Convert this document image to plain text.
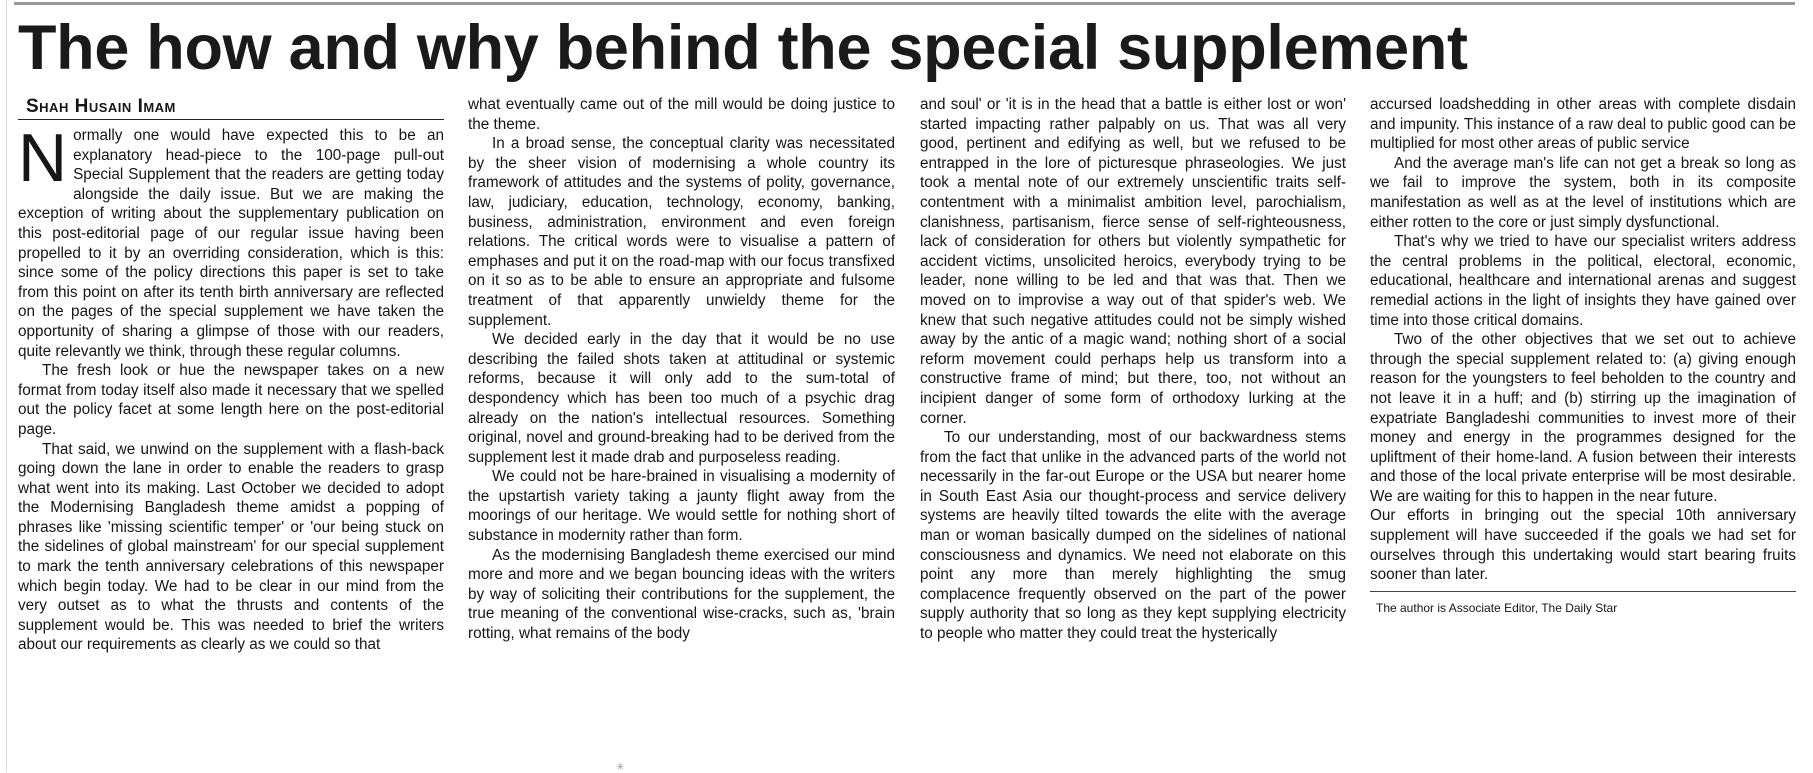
The how and why behind the special supplement
Shah Husain Imam

Normally one would have expected this to be an explanatory head-piece to the 100-page pull-out Special Supplement that the readers are getting today alongside the daily issue. But we are making the exception of writing about the supplementary publication on this post-editorial page of our regular issue having been propelled to it by an overriding consideration, which is this: since some of the policy directions this paper is set to take from this point on after its tenth birth anniversary are reflected on the pages of the special supplement we have taken the opportunity of sharing a glimpse of those with our readers, quite relevantly we think, through these regular columns.

The fresh look or hue the newspaper takes on a new format from today itself also made it necessary that we spelled out the policy facet at some length here on the post-editorial page.

That said, we unwind on the supplement with a flash-back going down the lane in order to enable the readers to grasp what went into its making. Last October we decided to adopt the Modernising Bangladesh theme amidst a popping of phrases like 'missing scientific temper' or 'our being stuck on the sidelines of global mainstream' for our special supplement to mark the tenth anniversary celebrations of this newspaper which begin today. We had to be clear in our mind from the very outset as to what the thrusts and contents of the supplement would be. This was needed to brief the writers about our requirements as clearly as we could so that

what eventually came out of the mill would be doing justice to the theme.

In a broad sense, the conceptual clarity was necessitated by the sheer vision of modernising a whole country its framework of attitudes and the systems of polity, governance, law, judiciary, education, technology, economy, banking, business, administration, environment and even foreign relations. The critical words were to visualise a pattern of emphases and put it on the road-map with our focus transfixed on it so as to be able to ensure an appropriate and fulsome treatment of that apparently unwieldy theme for the supplement.

We decided early in the day that it would be no use describing the failed shots taken at attitudinal or systemic reforms, because it will only add to the sum-total of despondency which has been too much of a psychic drag already on the nation's intellectual resources. Something original, novel and ground-breaking had to be derived from the supplement lest it made drab and purposeless reading.

We could not be hare-brained in visualising a modernity of the upstartish variety taking a jaunty flight away from the moorings of our heritage. We would settle for nothing short of substance in modernity rather than form.

As the modernising Bangladesh theme exercised our mind more and more and we began bouncing ideas with the writers by way of soliciting their contributions for the supplement, the true meaning of the conventional wise-cracks, such as, 'brain rotting, what remains of the body

and soul' or 'it is in the head that a battle is either lost or won' started impacting rather palpably on us. That was all very good, pertinent and edifying as well, but we refused to be entrapped in the lore of picturesque phraseologies. We just took a mental note of our extremely unscientific traits self-contentment with a minimalist ambition level, parochialism, clanishness, partisanism, fierce sense of self-righteousness, lack of consideration for others but violently sympathetic for accident victims, unsolicited heroics, everybody trying to be leader, none willing to be led and that was that. Then we moved on to improvise a way out of that spider's web. We knew that such negative attitudes could not be simply wished away by the antic of a magic wand; nothing short of a social reform movement could perhaps help us transform into a constructive frame of mind; but there, too, not without an incipient danger of some form of orthodoxy lurking at the corner.

To our understanding, most of our backwardness stems from the fact that unlike in the advanced parts of the world not necessarily in the far-out Europe or the USA but nearer home in South East Asia our thought-process and service delivery systems are heavily tilted towards the elite with the average man or woman basically dumped on the sidelines of national consciousness and dynamics. We need not elaborate on this point any more than merely highlighting the smug complacence frequently observed on the part of the power supply authority that so long as they kept supplying electricity to people who matter they could treat the hysterically

accursed loadshedding in other areas with complete disdain and impunity. This instance of a raw deal to public good can be multiplied for most other areas of public service

And the average man's life can not get a break so long as we fail to improve the system, both in its composite manifestation as well as at the level of institutions which are either rotten to the core or just simply dysfunctional.

That's why we tried to have our specialist writers address the central problems in the political, electoral, economic, educational, healthcare and international arenas and suggest remedial actions in the light of insights they have gained over time into those critical domains.

Two of the other objectives that we set out to achieve through the special supplement related to: (a) giving enough reason for the youngsters to feel beholden to the country and not leave it in a huff; and (b) stirring up the imagination of expatriate Bangladeshi communities to invest more of their money and energy in the programmes designed for the upliftment of their home-land. A fusion between their interests and those of the local private enterprise will be most desirable. We are waiting for this to happen in the near future.

Our efforts in bringing out the special 10th anniversary supplement will have succeeded if the goals we had set for ourselves through this undertaking would start bearing fruits sooner than later.

The author is Associate Editor, The Daily Star
✳
